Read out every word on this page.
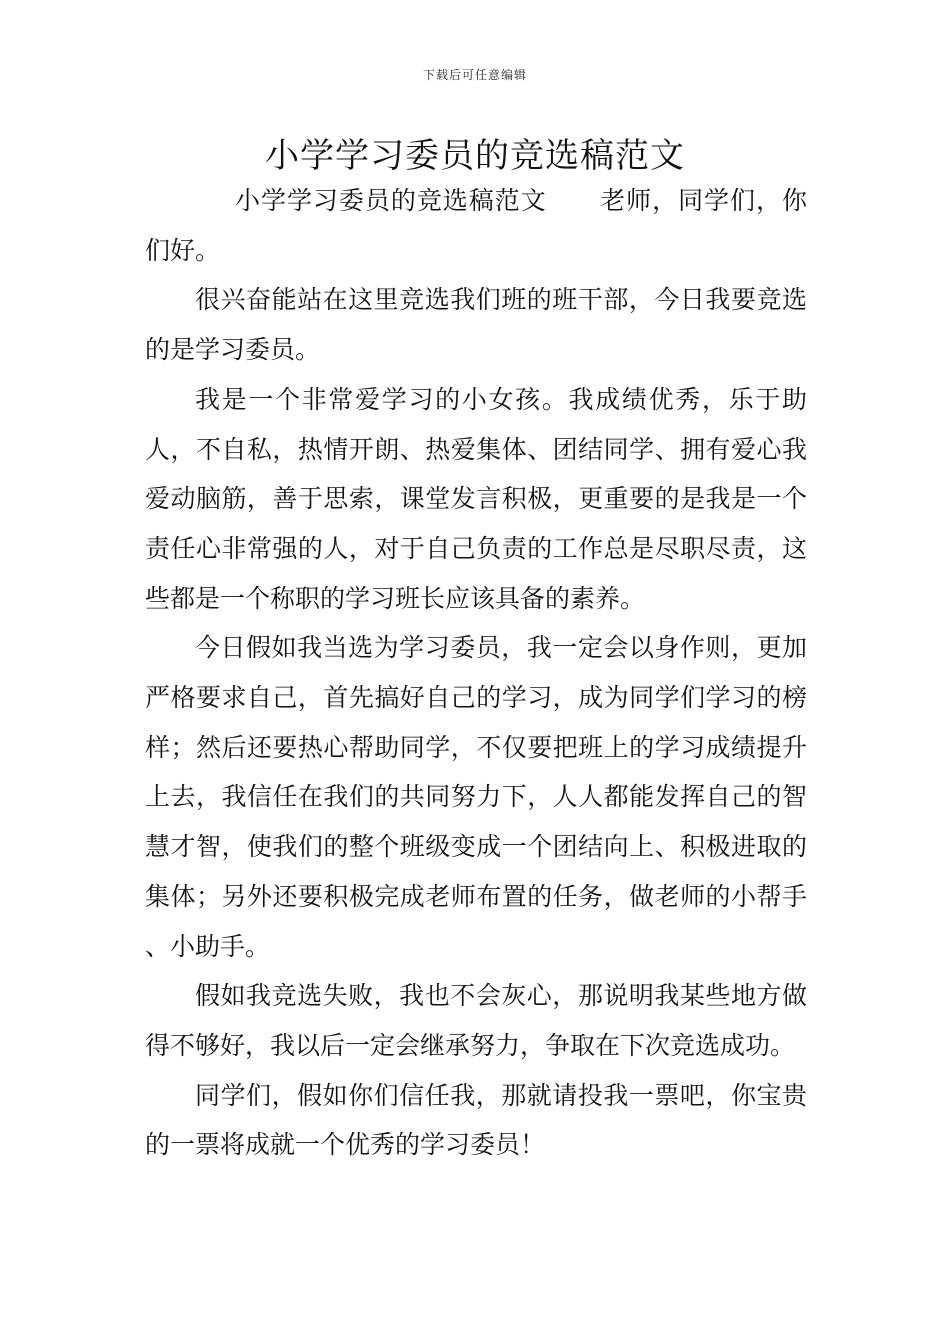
下载后可任意编辑
小学学习委员的竞选稿范文

小学学习委员的竞选稿范文 老师，同学们，你们好。

很兴奋能站在这里竞选我们班的班干部，今日我要竞选的是学习委员。

我是一个非常爱学习的小女孩。我成绩优秀，乐于助人，不自私，热情开朗、热爱集体、团结同学、拥有爱心我爱动脑筋，善于思索，课堂发言积极，更重要的是我是一个责任心非常强的人，对于自己负责的工作总是尽职尽责，这些都是一个称职的学习班长应该具备的素养。

今日假如我当选为学习委员，我一定会以身作则，更加严格要求自己，首先搞好自己的学习，成为同学们学习的榜样；然后还要热心帮助同学，不仅要把班上的学习成绩提升上去，我信任在我们的共同努力下，人人都能发挥自己的智慧才智，使我们的整个班级变成一个团结向上、积极进取的集体；另外还要积极完成老师布置的任务，做老师的小帮手 、小助手。

假如我竞选失败，我也不会灰心，那说明我某些地方做得不够好，我以后一定会继承努力，争取在下次竞选成功。

同学们，假如你们信任我，那就请投我一票吧，你宝贵的一票将成就一个优秀的学习委员！
